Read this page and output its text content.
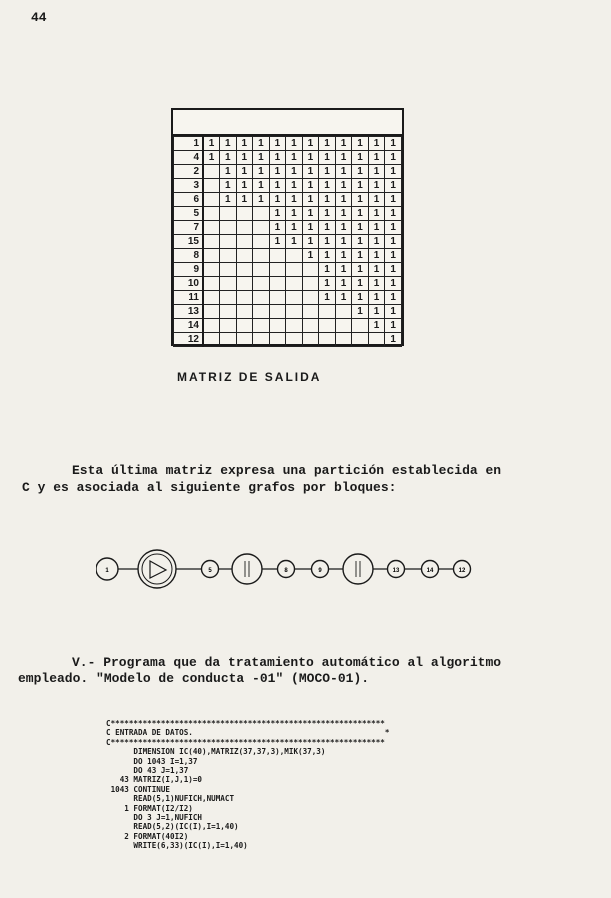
44
1	1	1	1	1	1	1	1	1	1	1	1	1
4	1	1	1	1	1	1	1	1	1	1	1	1
2		1	1	1	1	1	1	1	1	1	1	1
3		1	1	1	1	1	1	1	1	1	1	1
6		1	1	1	1	1	1	1	1	1	1	1
5					1	1	1	1	1	1	1	1
7					1	1	1	1	1	1	1	1
15					1	1	1	1	1	1	1	1
8							1	1	1	1	1	1
9								1	1	1	1	1
10								1	1	1	1	1
11								1	1	1	1	1
13										1	1	1
14											1	1
12												1
MATRIZ DE SALIDA
Esta última matriz expresa una partición establecida en
C y es asociada al siguiente grafos por bloques:
1	5	8	9	13	14	12
V.- Programa que da tratamiento automático al algoritmo
empleado. "Modelo de conducta -01" (MOCO-01).
C************************************************************
C ENTRADA DE DATOS.                                          *
C************************************************************
DIMENSION IC(40),MATRIZ(37,37,3),MIK(37,3)
DO 1043 I=1,37
DO 43 J=1,37
43 MATRIZ(I,J,1)=0
1043 CONTINUE
READ(5,1)NUFICH,NUMACT
1 FORMAT(I2/I2)
DO 3 J=1,NUFICH
READ(5,2)(IC(I),I=1,40)
2 FORMAT(40I2)
WRITE(6,33)(IC(I),I=1,40)
